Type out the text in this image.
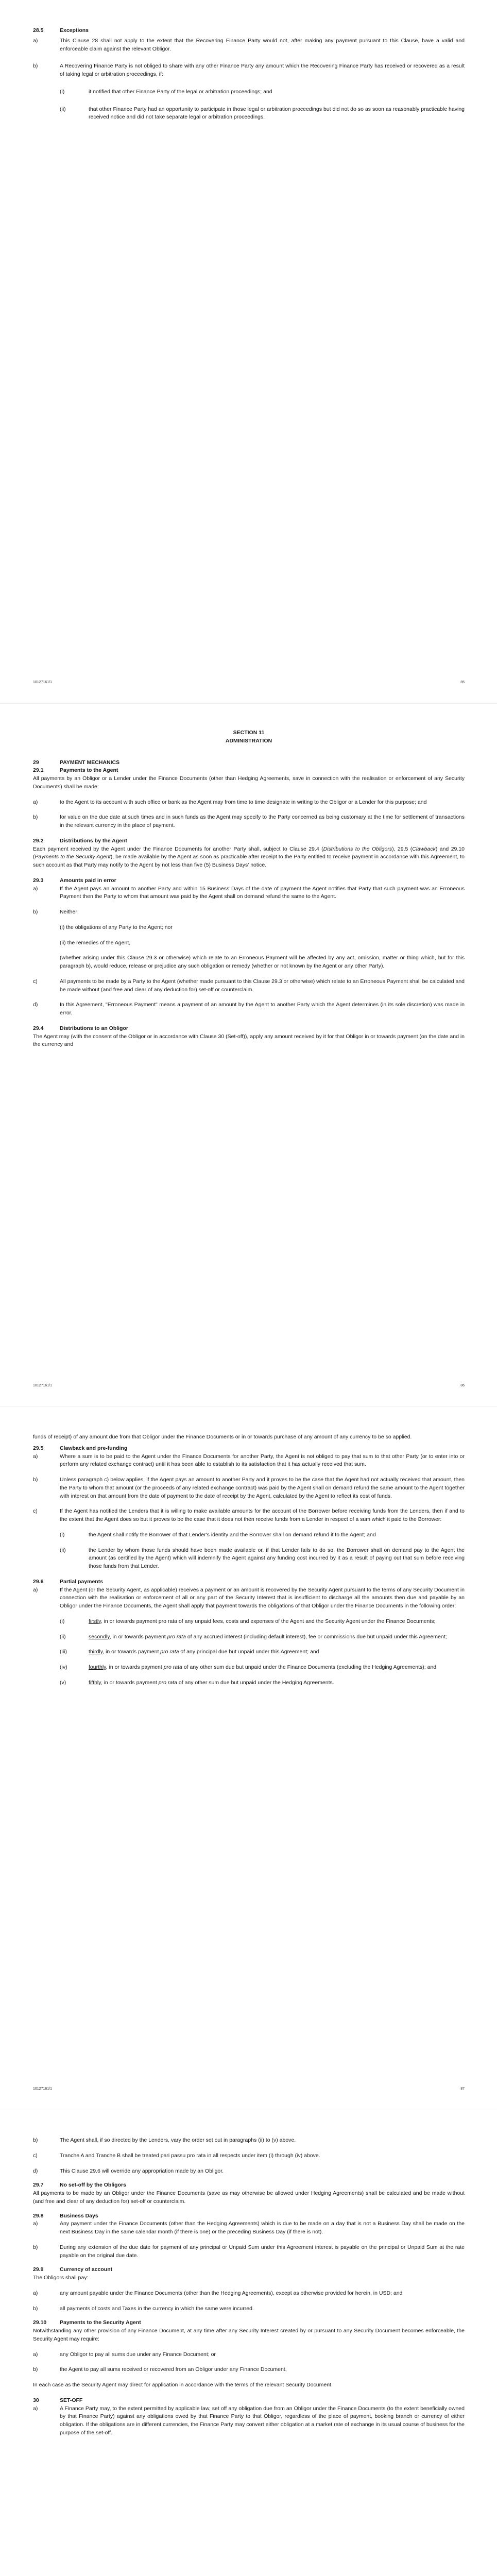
28.5	Exceptions

a)	This Clause 28 shall not apply to the extent that the Recovering Finance Party would not, after making any payment pursuant to this Clause, have a valid and enforceable claim against the relevant Obligor.
b)	A Recovering Finance Party is not obliged to share with any other Finance Party any amount which the Recovering Finance Party has received or recovered as a result of taking legal or arbitration proceedings, if:
(i)	it notified that other Finance Party of the legal or arbitration proceedings; and
(ii)	that other Finance Party had an opportunity to participate in those legal or arbitration proceedings but did not do so as soon as reasonably practicable having received notice and did not take separate legal or arbitration proceedings.
10127161/1	85

SECTION 11

ADMINISTRATION

29	PAYMENT MECHANICS

29.1	Payments to the Agent

All payments by an Obligor or a Lender under the Finance Documents (other than Hedging Agreements, save in connection with the realisation or enforcement of any Security Documents) shall be made:

a)	to the Agent to its account with such office or bank as the Agent may from time to time designate in writing to the Obligor or a Lender for this purpose; and
b)	for value on the due date at such times and in such funds as the Agent may specify to the Party concerned as being customary at the time for settlement of transactions in the relevant currency in the place of payment.

29.2	Distributions by the Agent

Each payment received by the Agent under the Finance Documents for another Party shall, subject to Clause 29.4 (Distributions to the Obligors), 29.5 (Clawback) and 29.10 (Payments to the Security Agent), be made available by the Agent as soon as practicable after receipt to the Party entitled to receive payment in accordance with this Agreement, to such account as that Party may notify to the Agent by not less than five (5) Business Days' notice.

29.3	Amounts paid in error

a)	If the Agent pays an amount to another Party and within 15 Business Days of the date of payment the Agent notifies that Party that such payment was an Erroneous Payment then the Party to whom that amount was paid by the Agent shall on demand refund the same to the Agent.
b)	Neither:

(i) the obligations of any Party to the Agent; nor

(ii) the remedies of the Agent,

(whether arising under this Clause 29.3 or otherwise) which relate to an Erroneous Payment will be affected by any act, omission, matter or thing which, but for this paragraph b), would reduce, release or prejudice any such obligation or remedy (whether or not known by the Agent or any other Party).

c)	All payments to be made by a Party to the Agent (whether made pursuant to this Clause 29.3 or otherwise) which relate to an Erroneous Payment shall be calculated and be made without (and free and clear of any deduction for) set-off or counterclaim.
d)	In this Agreement, "Erroneous Payment" means a payment of an amount by the Agent to another Party which the Agent determines (in its sole discretion) was made in error.

29.4	Distributions to an Obligor

The Agent may (with the consent of the Obligor or in accordance with Clause 30 (Set-off)), apply any amount received by it for that Obligor in or towards payment (on the date and in the currency and

10127161/1	86

funds of receipt) of any amount due from that Obligor under the Finance Documents or in or towards purchase of any amount of any currency to be so applied.

29.5	Clawback and pre-funding

a)	Where a sum is to be paid to the Agent under the Finance Documents for another Party, the Agent is not obliged to pay that sum to that other Party (or to enter into or perform any related exchange contract) until it has been able to establish to its satisfaction that it has actually received that sum.
b)	Unless paragraph c) below applies, if the Agent pays an amount to another Party and it proves to be the case that the Agent had not actually received that amount, then the Party to whom that amount (or the proceeds of any related exchange contract) was paid by the Agent shall on demand refund the same amount to the Agent together with interest on that amount from the date of payment to the date of receipt by the Agent, calculated by the Agent to reflect its cost of funds.
c)	If the Agent has notified the Lenders that it is willing to make available amounts for the account of the Borrower before receiving funds from the Lenders, then if and to the extent that the Agent does so but it proves to be the case that it does not then receive funds from a Lender in respect of a sum which it paid to the Borrower:
(i)	the Agent shall notify the Borrower of that Lender's identity and the Borrower shall on demand refund it to the Agent; and
(ii)	the Lender by whom those funds should have been made available or, if that Lender fails to do so, the Borrower shall on demand pay to the Agent the amount (as certified by the Agent) which will indemnify the Agent against any funding cost incurred by it as a result of paying out that sum before receiving those funds from that Lender.

29.6	Partial payments

a)	If the Agent (or the Security Agent, as applicable) receives a payment or an amount is recovered by the Security Agent pursuant to the terms of any Security Document in connection with the realisation or enforcement of all or any part of the Security Interest that is insufficient to discharge all the amounts then due and payable by an Obligor under the Finance Documents, the Agent shall apply that payment towards the obligations of that Obligor under the Finance Documents in the following order:
(i)	firstly, in or towards payment pro rata of any unpaid fees, costs and expenses of the Agent and the Security Agent under the Finance Documents;
(ii)	secondly, in or towards payment pro rata of any accrued interest (including default interest), fee or commissions due but unpaid under this Agreement;
(iii)	thirdly, in or towards payment pro rata of any principal due but unpaid under this Agreement; and
(iv)	fourthly, in or towards payment pro rata of any other sum due but unpaid under the Finance Documents (excluding the Hedging Agreements); and
(v)	fifthly, in or towards payment pro rata of any other sum due but unpaid under the Hedging Agreements.
10127161/1	87
b)	The Agent shall, if so directed by the Lenders, vary the order set out in paragraphs (ii) to (v) above.
c)	Tranche A and Tranche B shall be treated pari passu pro rata in all respects under item (i) through (iv) above.
d)	This Clause 29.6 will override any appropriation made by an Obligor.

29.7	No set-off by the Obligors

All payments to be made by an Obligor under the Finance Documents (save as may otherwise be allowed under Hedging Agreements) shall be calculated and be made without (and free and clear of any deduction for) set-off or counterclaim.

29.8	Business Days

a)	Any payment under the Finance Documents (other than the Hedging Agreements) which is due to be made on a day that is not a Business Day shall be made on the next Business Day in the same calendar month (if there is one) or the preceding Business Day (if there is not).
b)	During any extension of the due date for payment of any principal or Unpaid Sum under this Agreement interest is payable on the principal or Unpaid Sum at the rate payable on the original due date.

29.9	Currency of account

The Obligors shall pay:

a)	any amount payable under the Finance Documents (other than the Hedging Agreements), except as otherwise provided for herein, in USD; and
b)	all payments of costs and Taxes in the currency in which the same were incurred.

29.10 Payments to the Security Agent

Notwithstanding any other provision of any Finance Document, at any time after any Security Interest created by or pursuant to any Security Document becomes enforceable, the Security Agent may require:

a)	any Obligor to pay all sums due under any Finance Document; or
b)	the Agent to pay all sums received or recovered from an Obligor under any Finance Document,

In each case as the Security Agent may direct for application in accordance with the terms of the relevant Security Document.

30	SET-OFF

a)	A Finance Party may, to the extent permitted by applicable law, set off any obligation due from an Obligor under the Finance Documents (to the extent beneficially owned by that Finance Party) against any obligations owed by that Finance Party to that Obligor, regardless of the place of payment, booking branch or currency of either obligation. If the obligations are in different currencies, the Finance Party may convert either obligation at a market rate of exchange in its usual course of business for the purpose of the set-off.
